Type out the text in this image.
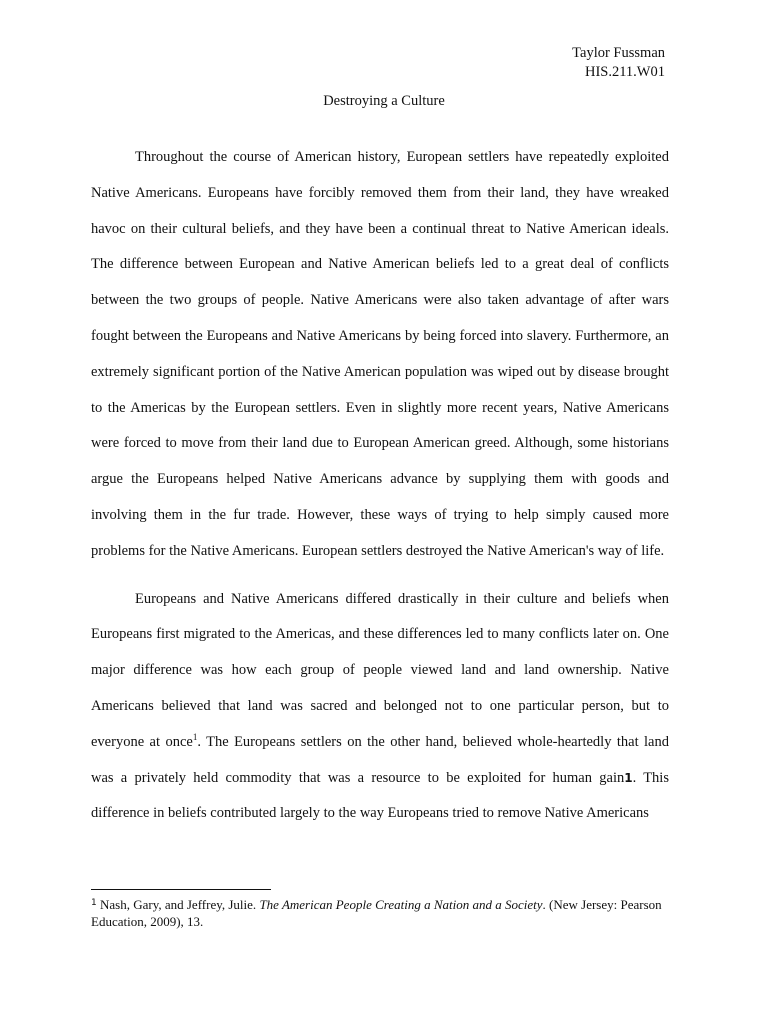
Taylor Fussman
HIS.211.W01
Destroying a Culture

Throughout the course of American history, European settlers have repeatedly exploited Native Americans. Europeans have forcibly removed them from their land, they have wreaked havoc on their cultural beliefs, and they have been a continual threat to Native American ideals. The difference between European and Native American beliefs led to a great deal of conflicts between the two groups of people. Native Americans were also taken advantage of after wars fought between the Europeans and Native Americans by being forced into slavery. Furthermore, an extremely significant portion of the Native American population was wiped out by disease brought to the Americas by the European settlers. Even in slightly more recent years, Native Americans were forced to move from their land due to European American greed. Although, some historians argue the Europeans helped Native Americans advance by supplying them with goods and involving them in the fur trade. However, these ways of trying to help simply caused more problems for the Native Americans. European settlers destroyed the Native American's way of life.

Europeans and Native Americans differed drastically in their culture and beliefs when Europeans first migrated to the Americas, and these differences led to many conflicts later on. One major difference was how each group of people viewed land and land ownership. Native Americans believed that land was sacred and belonged not to one particular person, but to everyone at once$^1$. The Europeans settlers on the other hand, believed whole-heartedly that land was a privately held commodity that was a resource to be exploited for human gain1. This difference in beliefs contributed largely to the way Europeans tried to remove Native Americans

$^1$ Nash, Gary, and Jeffrey, Julie. The American People Creating a Nation and a Society. (New Jersey: Pearson Education, 2009), 13.
